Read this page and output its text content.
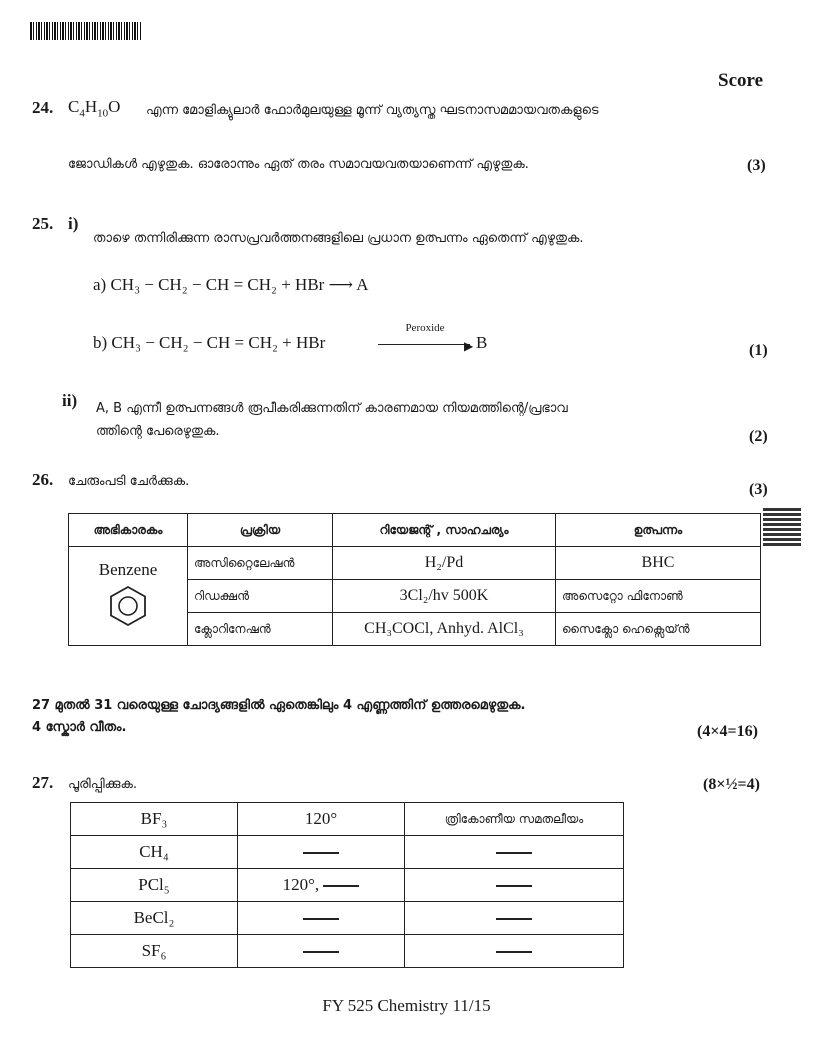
Score
24. $C_4H_{10}O$ എന്ന മോളിക്യുലാർ ഫോർമുലയുള്ള മൂന്ന് വ്യത്യസ്ത ഘടനാസമമായവതകളുടെ
ജോഡികൾ എഴുതുക. ഓരോന്നും ഏത് തരം സമാവയവതയാണെന്ന് എഴുതുക.	(3)
25. i)
താഴെ തന്നിരിക്കുന്ന രാസപ്രവർത്തനങ്ങളിലെ പ്രധാന ഉത്പന്നം ഏതെന്ന് എഴുതുക.
a) CH₃ − CH₂ − CH = CH₂ + HBr ⟶ A
b) CH₃ − CH₂ − CH = CH₂ + HBr
Peroxide
▶ B	(1)
ii) A, B എന്നീ ഉത്പന്നങ്ങൾ രൂപീകരിക്കുന്നതിന് കാരണമായ നിയമത്തിന്റെ/പ്രഭാവ
ത്തിന്റെ പേരെഴുതുക.	(2)
26. ചേരുംപടി ചേർക്കുക.	(3)
അഭികാരകം	പ്രക്രിയ	റിയേജന്റ് , സാഹചര്യം	ഉത്പന്നം

Benzene	അസിറ്റൈലേഷൻ	H₂/Pd	BHC
	റിഡക്ഷൻ	3Cl₂/hv 500K	അസെറ്റോ ഫിനോൺ
	ക്ലോറിനേഷൻ	CH₃COCl, Anhyd. AlCl₃	സൈക്ലോ ഹെക്സെയ്ൻ
27 മുതൽ 31 വരെയുള്ള ചോദ്യങ്ങളിൽ ഏതെങ്കിലും 4 എണ്ണത്തിന് ഉത്തരമെഴുതുക.
4 സ്കോർ വീതം.	(4×4=16)
27. പൂരിപ്പിക്കുക.	(8×½=4)
BF₃	120°	ത്രികോണീയ സമതലീയം
CH₄		
PCl₅	120°,	
BeCl₂		
SF₆		
FY 525 Chemistry 11/15
